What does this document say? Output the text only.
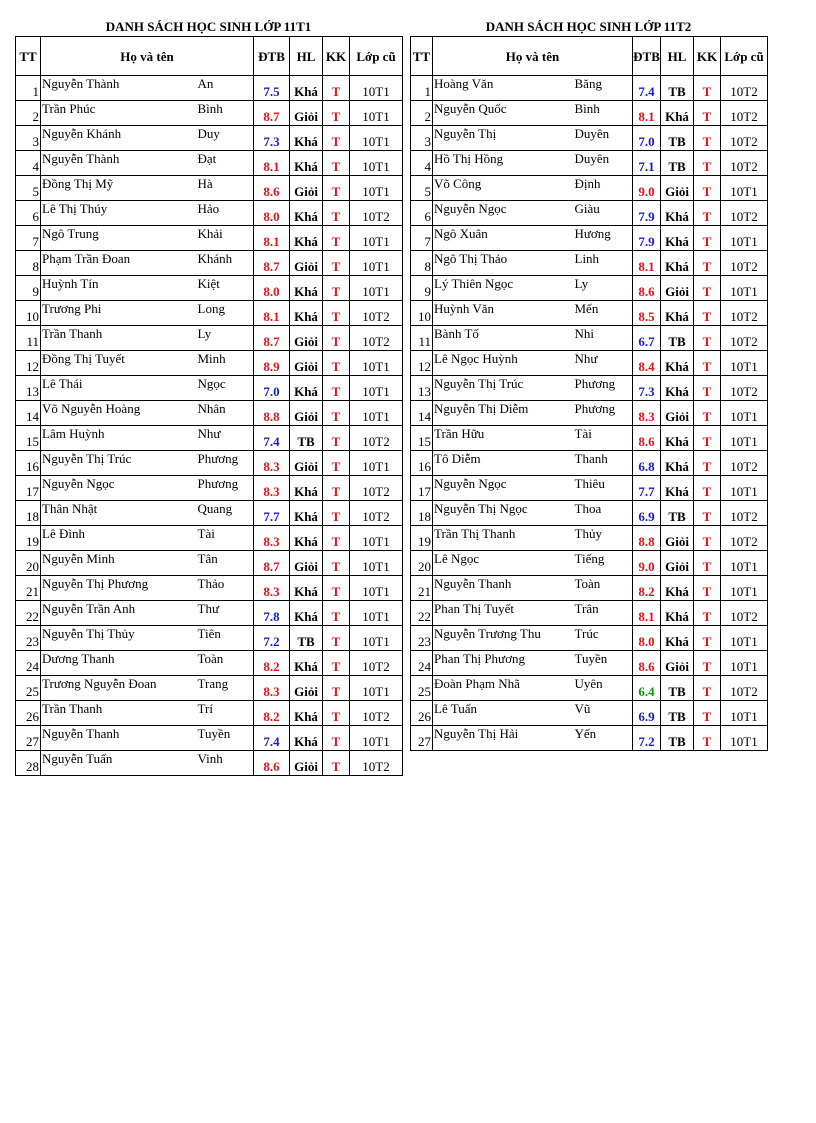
DANH SÁCH HỌC SINH LỚP 11T1
TT	Họ và tên		ĐTB	HL	KK	Lớp cũ
1	Nguyễn Thành	An	7.5	Khá	T	10T1
2	Trần Phúc	Bình	8.7	Giỏi	T	10T1
3	Nguyễn Khánh	Duy	7.3	Khá	T	10T1
4	Nguyễn Thành	Đạt	8.1	Khá	T	10T1
5	Đồng Thị Mỹ	Hà	8.6	Giỏi	T	10T1
6	Lê Thị Thúy	Hảo	8.0	Khá	T	10T2
7	Ngô Trung	Khải	8.1	Khá	T	10T1
8	Phạm Trần Đoan	Khánh	8.7	Giỏi	T	10T1
9	Huỳnh Tín	Kiệt	8.0	Khá	T	10T1
10	Trương Phi	Long	8.1	Khá	T	10T2
11	Trần Thanh	Ly	8.7	Giỏi	T	10T2
12	Đồng Thị Tuyết	Minh	8.9	Giỏi	T	10T1
13	Lê Thái	Ngọc	7.0	Khá	T	10T1
14	Võ Nguyễn Hoàng	Nhân	8.8	Giỏi	T	10T1
15	Lâm Huỳnh	Như	7.4	TB	T	10T2
16	Nguyễn Thị Trúc	Phương	8.3	Giỏi	T	10T1
17	Nguyễn Ngọc	Phương	8.3	Khá	T	10T2
18	Thân Nhật	Quang	7.7	Khá	T	10T2
19	Lê Đình	Tài	8.3	Khá	T	10T1
20	Nguyễn Minh	Tân	8.7	Giỏi	T	10T1
21	Nguyễn Thị Phương	Thảo	8.3	Khá	T	10T1
22	Nguyễn Trần Anh	Thư	7.8	Khá	T	10T1
23	Nguyễn Thị Thủy	Tiên	7.2	TB	T	10T1
24	Dương Thanh	Toàn	8.2	Khá	T	10T2
25	Trương Nguyễn Đoan	Trang	8.3	Giỏi	T	10T1
26	Trần Thanh	Trí	8.2	Khá	T	10T2
27	Nguyễn Thanh	Tuyền	7.4	Khá	T	10T1
28	Nguyễn Tuấn	Vinh	8.6	Giỏi	T	10T2
DANH SÁCH HỌC SINH LỚP 11T2
TT	Họ và tên		ĐTB	HL	KK	Lớp cũ
1	Hoàng Văn	Băng	7.4	TB	T	10T2
2	Nguyễn Quốc	Bình	8.1	Khá	T	10T2
3	Nguyễn Thị	Duyên	7.0	TB	T	10T2
4	Hồ Thị Hồng	Duyên	7.1	TB	T	10T2
5	Võ Công	Định	9.0	Giỏi	T	10T1
6	Nguyễn Ngọc	Giàu	7.9	Khá	T	10T2
7	Ngô Xuân	Hương	7.9	Khá	T	10T1
8	Ngô Thị Thảo	Linh	8.1	Khá	T	10T2
9	Lý Thiên Ngọc	Ly	8.6	Giỏi	T	10T1
10	Huỳnh Văn	Mến	8.5	Khá	T	10T2
11	Bành Tố	Nhi	6.7	TB	T	10T2
12	Lê Ngọc Huỳnh	Như	8.4	Khá	T	10T1
13	Nguyễn Thị Trúc	Phương	7.3	Khá	T	10T2
14	Nguyễn Thị Diễm	Phương	8.3	Giỏi	T	10T1
15	Trần Hữu	Tài	8.6	Khá	T	10T1
16	Tô Diễm	Thanh	6.8	Khá	T	10T2
17	Nguyễn Ngọc	Thiêu	7.7	Khá	T	10T1
18	Nguyễn Thị Ngọc	Thoa	6.9	TB	T	10T2
19	Trần Thị Thanh	Thủy	8.8	Giỏi	T	10T2
20	Lê Ngọc	Tiếng	9.0	Giỏi	T	10T1
21	Nguyễn Thanh	Toàn	8.2	Khá	T	10T1
22	Phan Thị Tuyết	Trân	8.1	Khá	T	10T2
23	Nguyễn Trương Thu	Trúc	8.0	Khá	T	10T1
24	Phan Thị Phương	Tuyền	8.6	Giỏi	T	10T1
25	Đoàn Phạm Nhã	Uyên	6.4	TB	T	10T2
26	Lê Tuấn	Vũ	6.9	TB	T	10T1
27	Nguyễn Thị Hải	Yến	7.2	TB	T	10T1
